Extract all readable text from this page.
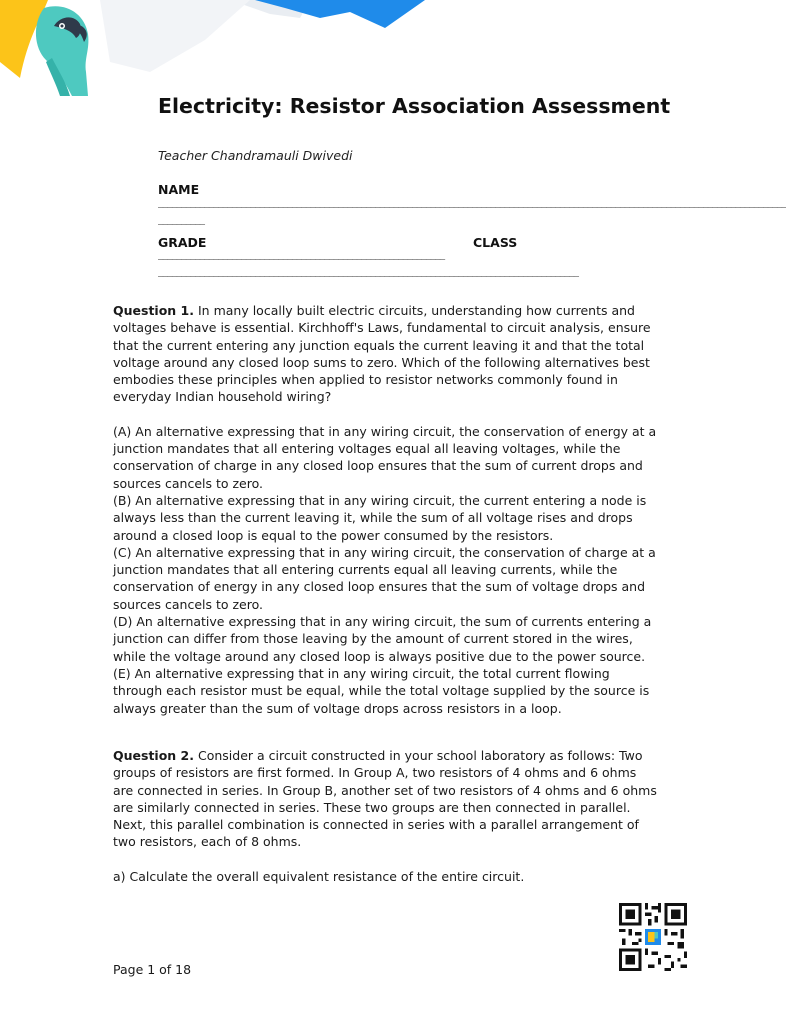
Electricity: Resistor Association Assessment
Teacher Chandramauli Dwivedi
NAME
––––––––––––––––––––––––––––––––––––––––––––––––––––––––––––––––––––––––––––––––––––––––––––––––––––––––––––––––––––––––––––––––––––––––
––––––––––
GRADE	CLASS
––––––––––––––––––––––––––––––––––––––––––––––––––––––––––––––
–––––––––––––––––––––––––––––––––––––––––––––––––––––––––––––––––––––––––––––––––––––––––––

Question 1. In many locally built electric circuits, understanding how currents and voltages behave is essential. Kirchhoff's Laws, fundamental to circuit analysis, ensure that the current entering any junction equals the current leaving it and that the total voltage around any closed loop sums to zero. Which of the following alternatives best embodies these principles when applied to resistor networks commonly found in everyday Indian household wiring?

(A) An alternative expressing that in any wiring circuit, the conservation of energy at a junction mandates that all entering voltages equal all leaving voltages, while the conservation of charge in any closed loop ensures that the sum of current drops and sources cancels to zero.

(B) An alternative expressing that in any wiring circuit, the current entering a node is always less than the current leaving it, while the sum of all voltage rises and drops around a closed loop is equal to the power consumed by the resistors.

(C) An alternative expressing that in any wiring circuit, the conservation of charge at a junction mandates that all entering currents equal all leaving currents, while the conservation of energy in any closed loop ensures that the sum of voltage drops and sources cancels to zero.

(D) An alternative expressing that in any wiring circuit, the sum of currents entering a junction can differ from those leaving by the amount of current stored in the wires, while the voltage around any closed loop is always positive due to the power source.

(E) An alternative expressing that in any wiring circuit, the total current flowing through each resistor must be equal, while the total voltage supplied by the source is always greater than the sum of voltage drops across resistors in a loop.

Question 2. Consider a circuit constructed in your school laboratory as follows: Two groups of resistors are first formed. In Group A, two resistors of 4 ohms and 6 ohms are connected in series. In Group B, another set of two resistors of 4 ohms and 6 ohms are similarly connected in series. These two groups are then connected in parallel. Next, this parallel combination is connected in series with a parallel arrangement of two resistors, each of 8 ohms.

a) Calculate the overall equivalent resistance of the entire circuit.

Page 1 of 18
